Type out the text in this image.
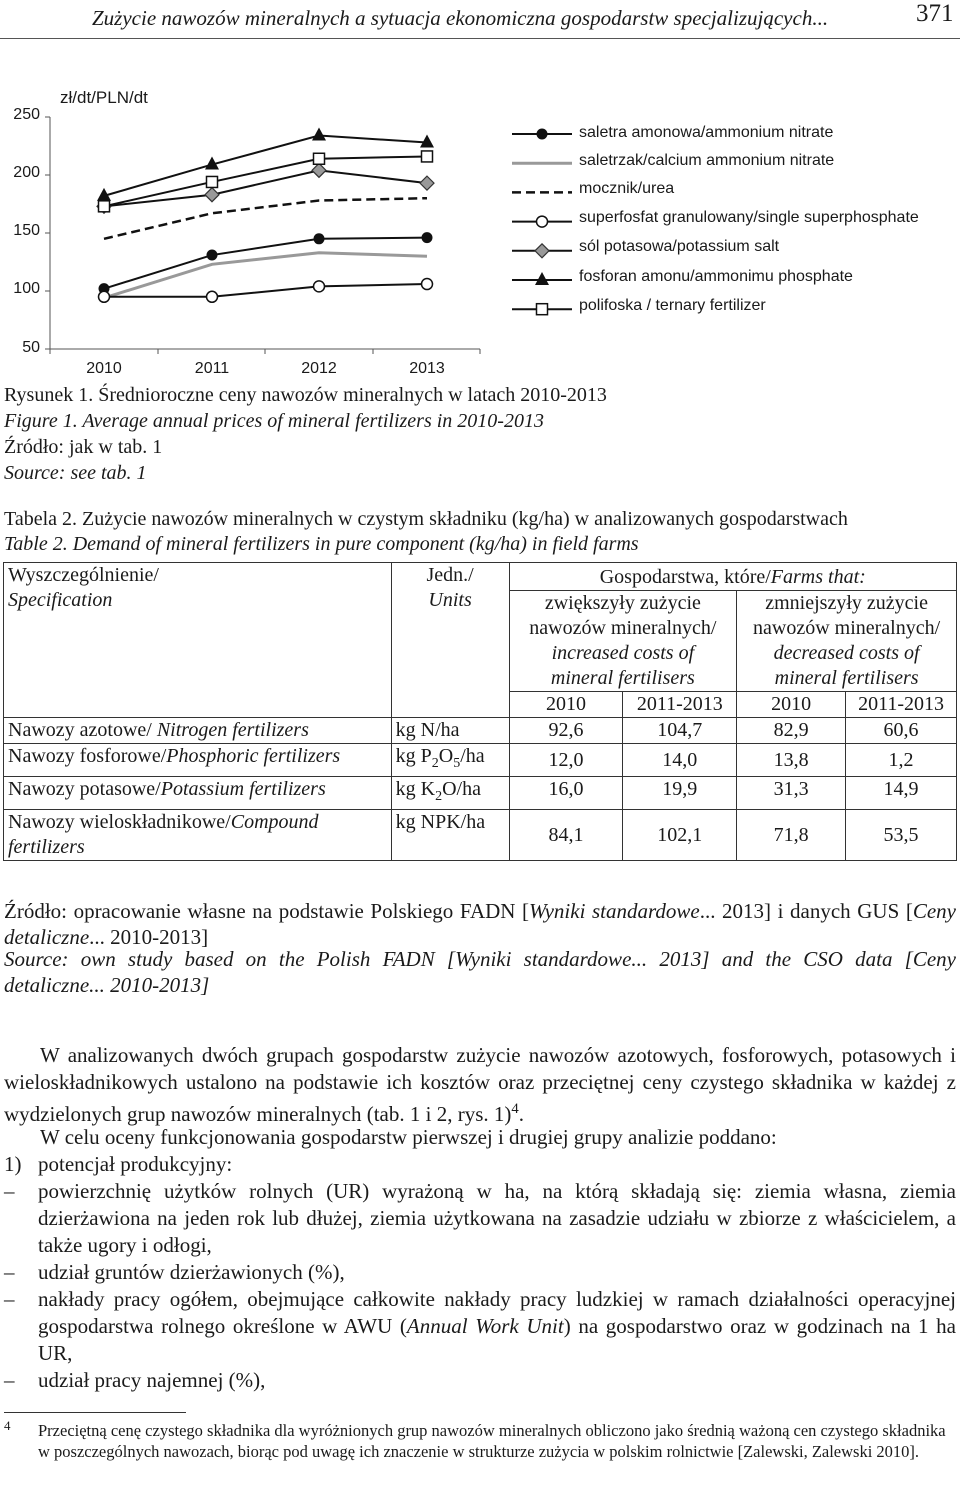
Zużycie nawozów mineralnych a sytuacja ekonomiczna gospodarstw specjalizujących...	371
zł/dt/PLN/dt
250
200
150
100
50
2010	2011	2012	2013
saletra amonowa/ammonium nitrate
saletrzak/calcium ammonium nitrate
mocznik/urea
superfosfat granulowany/single superphosphate
sól potasowa/potassium salt
fosforan amonu/ammonimu phosphate
polifoska / ternary fertilizer
Rysunek 1. Średnioroczne ceny nawozów mineralnych w latach 2010-2013
Figure 1. Average annual prices of mineral fertilizers in 2010-2013
Źródło: jak w tab. 1
Source: see tab. 1
Tabela 2. Zużycie nawozów mineralnych w czystym składniku (kg/ha) w analizowanych gospodarstwach
Table 2. Demand of mineral fertilizers in pure component (kg/ha) in field farms
Wyszczególnienie/
Specification	Jedn./
Units	Gospodarstwa, które/Farms that:			
		zwiększyły zużycie
nawozów mineralnych/
increased costs of
mineral fertilisers		zmniejszyły zużycie
nawozów mineralnych/
decreased costs of
mineral fertilisers	
		2010	2011-2013	2010	2011-2013
Nawozy azotowe/ Nitrogen fertilizers	kg N/ha	92,6	104,7	82,9	60,6
Nawozy fosforowe/Phosphoric fertilizers	kg $P_2O_5/ha$	12,0	14,0	13,8	1,2
Nawozy potasowe/Potassium fertilizers	kg $K_2O/ha$	16,0	19,9	31,3	14,9
Nawozy wieloskładnikowe/Compound fertilizers	kg NPK/ha	84,1	102,1	71,8	53,5
Źródło: opracowanie własne na podstawie Polskiego FADN [Wyniki standardowe... 2013] i danych GUS [Ceny detaliczne... 2010-2013]
Source: own study based on the Polish FADN [Wyniki standardowe... 2013] and the CSO data [Ceny detaliczne... 2010-2013]
W analizowanych dwóch grupach gospodarstw zużycie nawozów azotowych, fosforowych, potasowych i wieloskładnikowych ustalono na podstawie ich kosztów oraz przeciętnej ceny czystego składnika w każdej z wydzielonych grup nawozów mineralnych (tab. 1 i 2, rys. 1)$^4$.
W celu oceny funkcjonowania gospodarstw pierwszej i drugiej grupy analizie poddano:
1) potencjał produkcyjny:
– powierzchnię użytków rolnych (UR) wyrażoną w ha, na którą składają się: ziemia własna, ziemia dzierżawiona na jeden rok lub dłużej, ziemia użytkowana na zasadzie udziału w zbiorze z właścicielem, a także ugory i odłogi,
– udział gruntów dzierżawionych (%),
– nakłady pracy ogółem, obejmujące całkowite nakłady pracy ludzkiej w ramach działalności operacyjnej gospodarstwa rolnego określone w AWU (Annual Work Unit) na gospodarstwo oraz w godzinach na 1 ha UR,
– udział pracy najemnej (%),
4 Przeciętną cenę czystego składnika dla wyróżnionych grup nawozów mineralnych obliczono jako średnią ważoną cen czystego składnika w poszczególnych nawozach, biorąc pod uwagę ich znaczenie w strukturze zużycia w polskim rolnictwie [Zalewski, Zalewski 2010].
